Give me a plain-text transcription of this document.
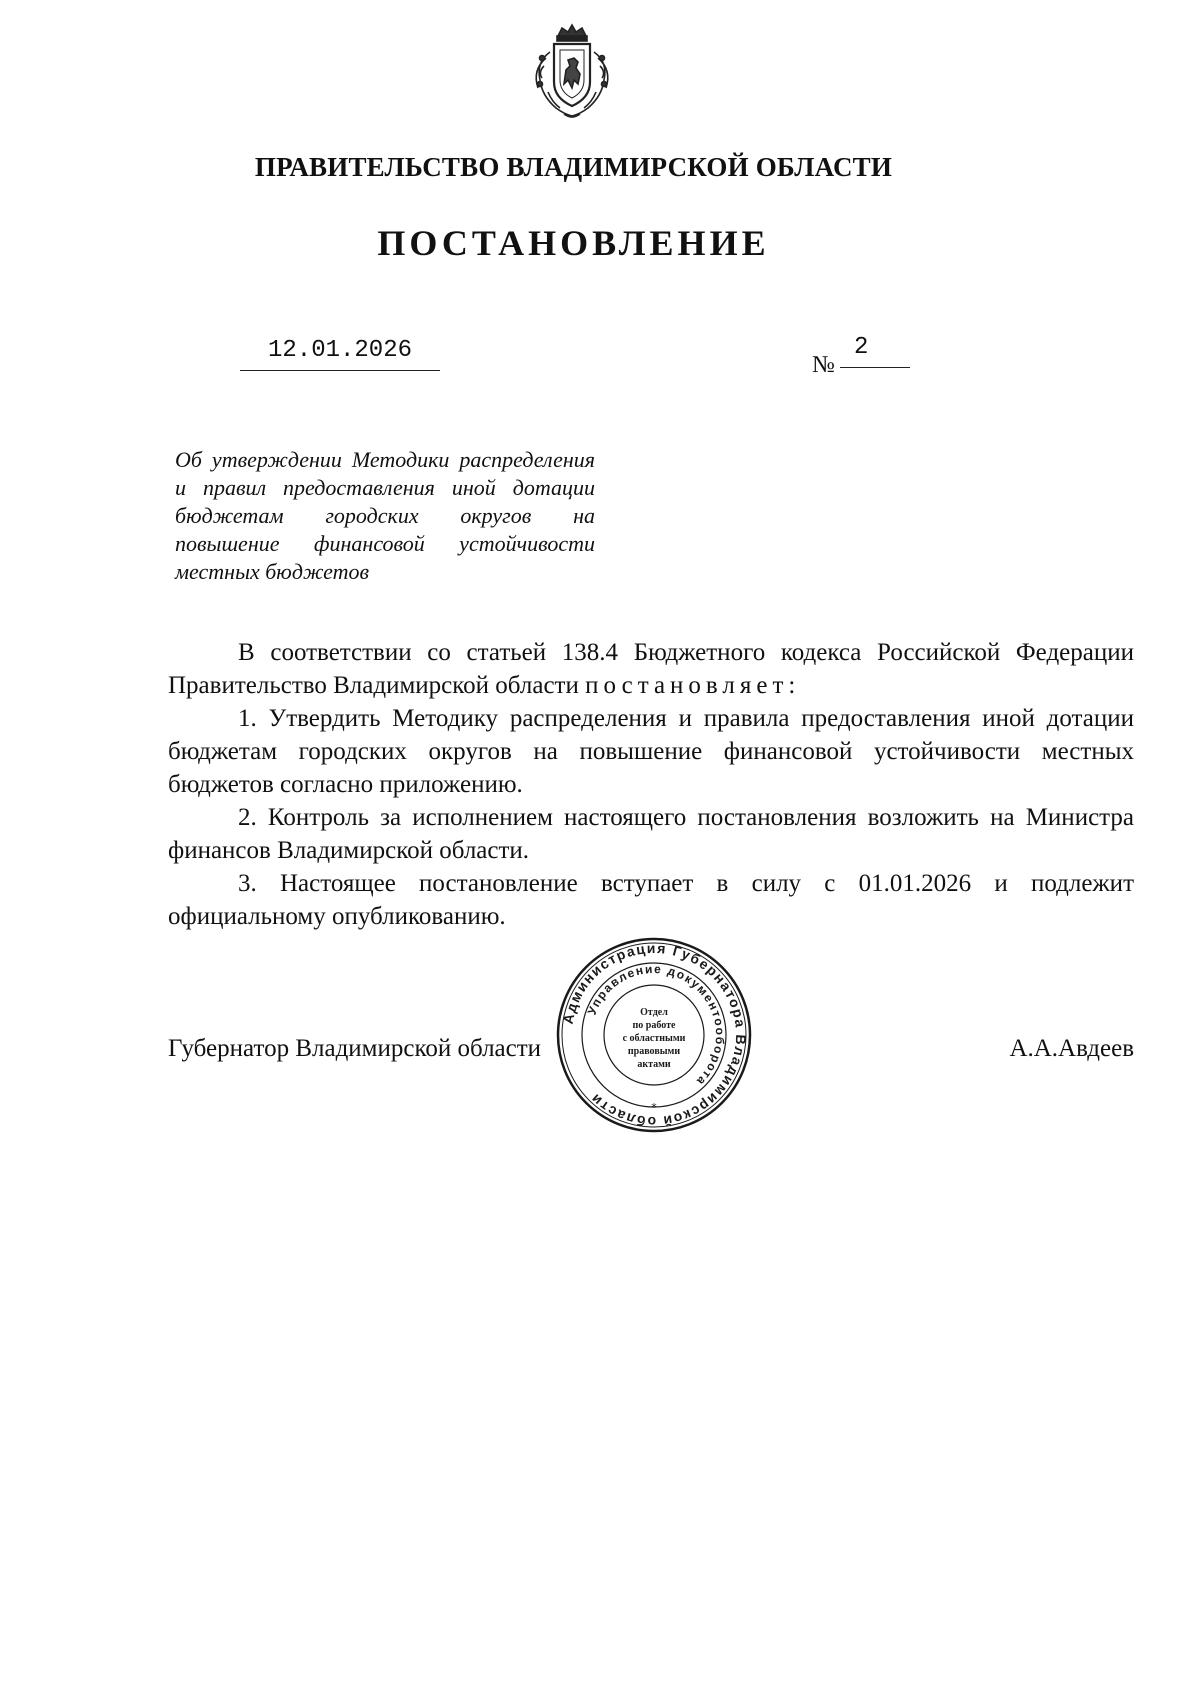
ПРАВИТЕЛЬСТВО ВЛАДИМИРСКОЙ ОБЛАСТИ
ПОСТАНОВЛЕНИЕ
12.01.2026
№
2

Об утверждении Методики распределения и правил предоставления иной дотации бюджетам городских округов на повышение финансовой устойчивости местных бюджетов

В соответствии со статьей 138.4 Бюджетного кодекса Российской Федерации Правительство Владимирской области постановляет:

1. Утвердить Методику распределения и правила предоставления иной дотации бюджетам городских округов на повышение финансовой устойчивости местных бюджетов согласно приложению.

2. Контроль за исполнением настоящего постановления возложить на Министра финансов Владимирской области.

3. Настоящее постановление вступает в силу с 01.01.2026 и подлежит официальному опубликованию.

Губернатор Владимирской области	А.А.Авдеев
Администрация Губернатора Владимирской области
Управление документооборота
Отдел
по работе
с областными
правовыми
актами
*
